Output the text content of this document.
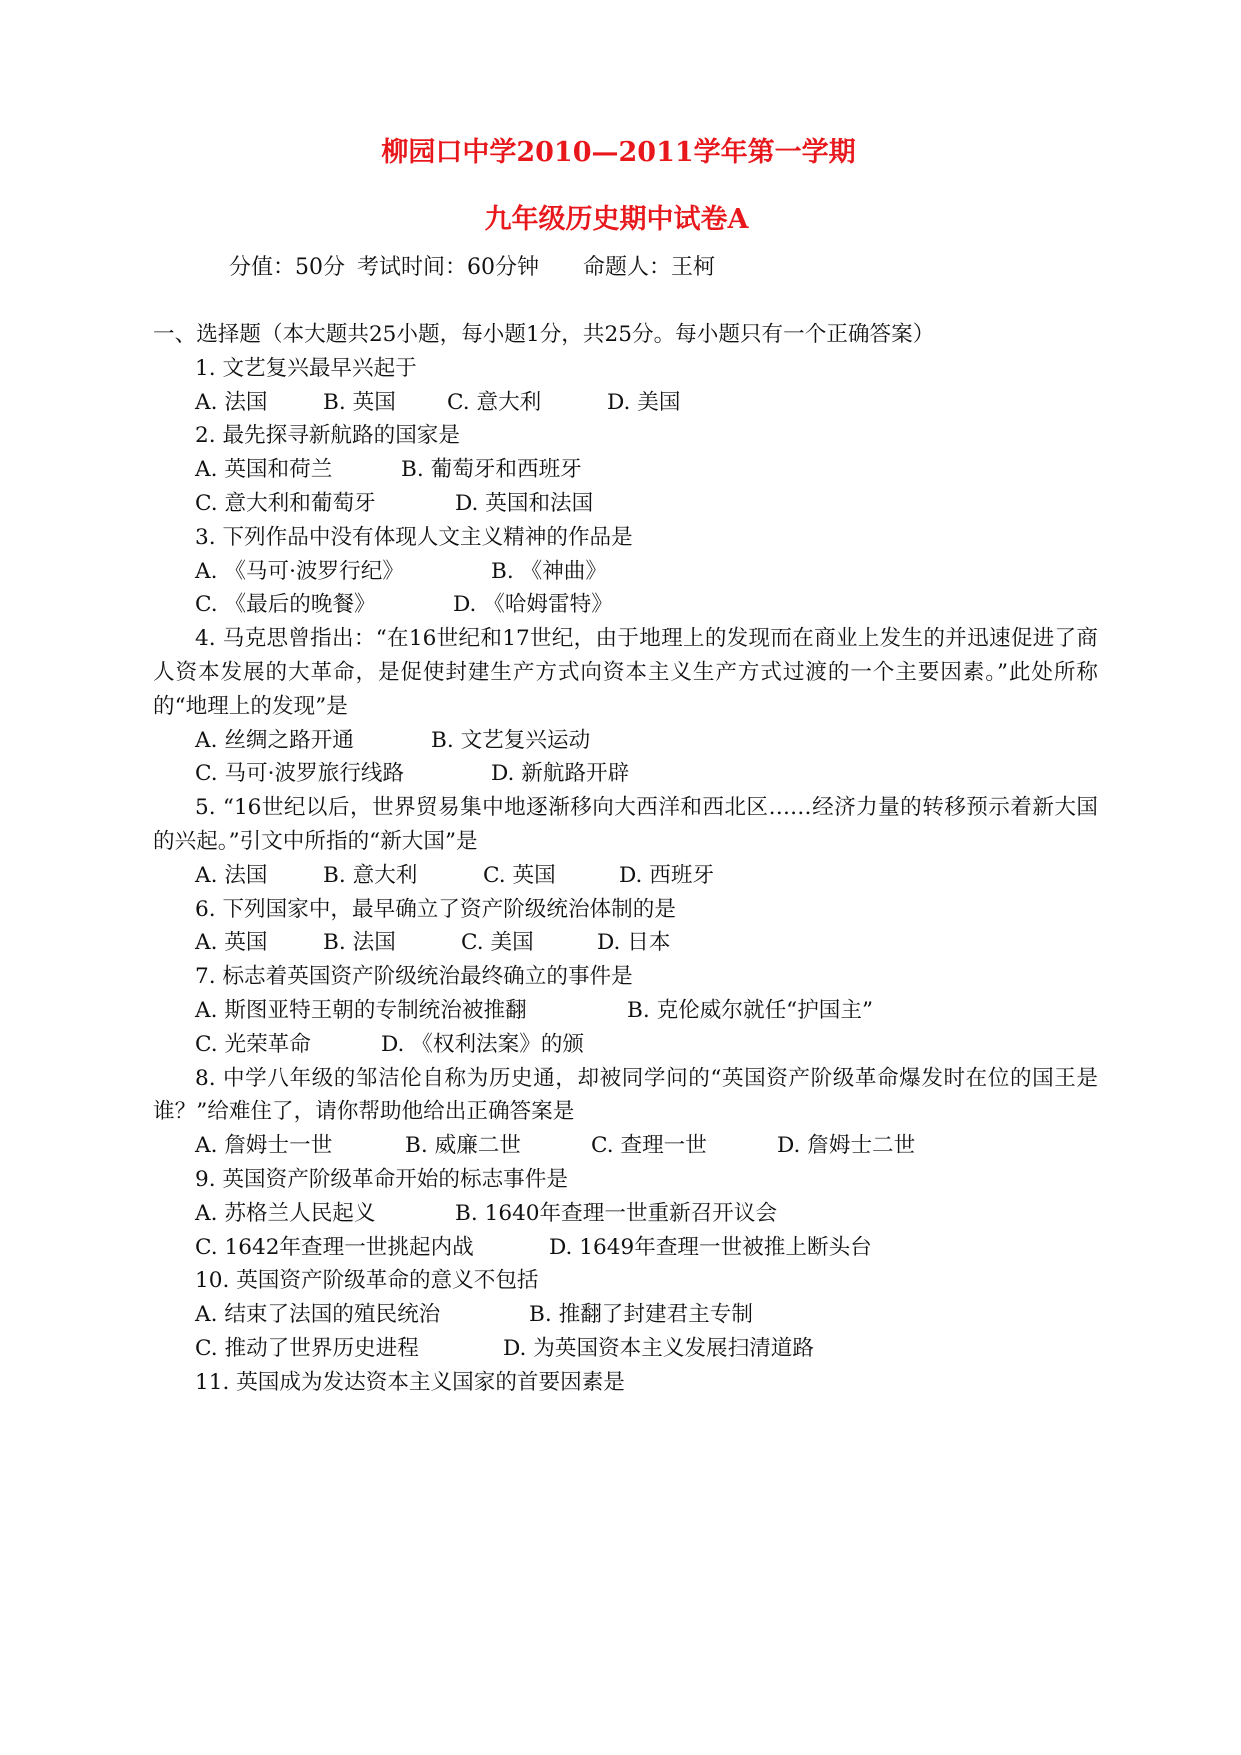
柳园口中学2010—2011学年第一学期
九年级历史期中试卷A
分值：50分 考试时间：60分钟 命题人：王柯
一、选择题（本大题共25小题，每小题1分，共25分。每小题只有一个正确答案）
1. 文艺复兴最早兴起于
A. 法国	B. 英国 C. 意大利	D. 美国
2. 最先探寻新航路的国家是
A. 英国和荷兰	B. 葡萄牙和西班牙
C. 意大利和葡萄牙	D. 英国和法国
3. 下列作品中没有体现人文主义精神的作品是
A. 《马可·波罗行纪》	B. 《神曲》
C. 《最后的晚餐》	D. 《哈姆雷特》
4. 马克思曾指出：“在16世纪和17世纪，由于地理上的发现而在商业上发生的并迅速促进了商人资本发展的大革命，是促使封建生产方式向资本主义生产方式过渡的一个主要因素。”此处所称的“地理上的发现”是
A. 丝绸之路开通	B. 文艺复兴运动
C. 马可·波罗旅行线路	D. 新航路开辟
5. “16世纪以后，世界贸易集中地逐渐移向大西洋和西北区……经济力量的转移预示着新大国的兴起。”引文中所指的“新大国”是
A. 法国	B. 意大利	C. 英国	D. 西班牙
6. 下列国家中，最早确立了资产阶级统治体制的是
A. 英国	B. 法国	C. 美国	D. 日本
7. 标志着英国资产阶级统治最终确立的事件是
A. 斯图亚特王朝的专制统治被推翻	B. 克伦威尔就任“护国主”
C. 光荣革命	D. 《权利法案》的颁
8. 中学八年级的邹洁伦自称为历史通，却被同学问的“英国资产阶级革命爆发时在位的国王是谁？”给难住了，请你帮助他给出正确答案是
A. 詹姆士一世	B. 威廉二世	C. 查理一世	D. 詹姆士二世
9. 英国资产阶级革命开始的标志事件是
A. 苏格兰人民起义	B. 1640年查理一世重新召开议会
C. 1642年查理一世挑起内战	D. 1649年查理一世被推上断头台
10. 英国资产阶级革命的意义不包括
A. 结束了法国的殖民统治	B. 推翻了封建君主专制
C. 推动了世界历史进程	D. 为英国资本主义发展扫清道路
11. 英国成为发达资本主义国家的首要因素是
